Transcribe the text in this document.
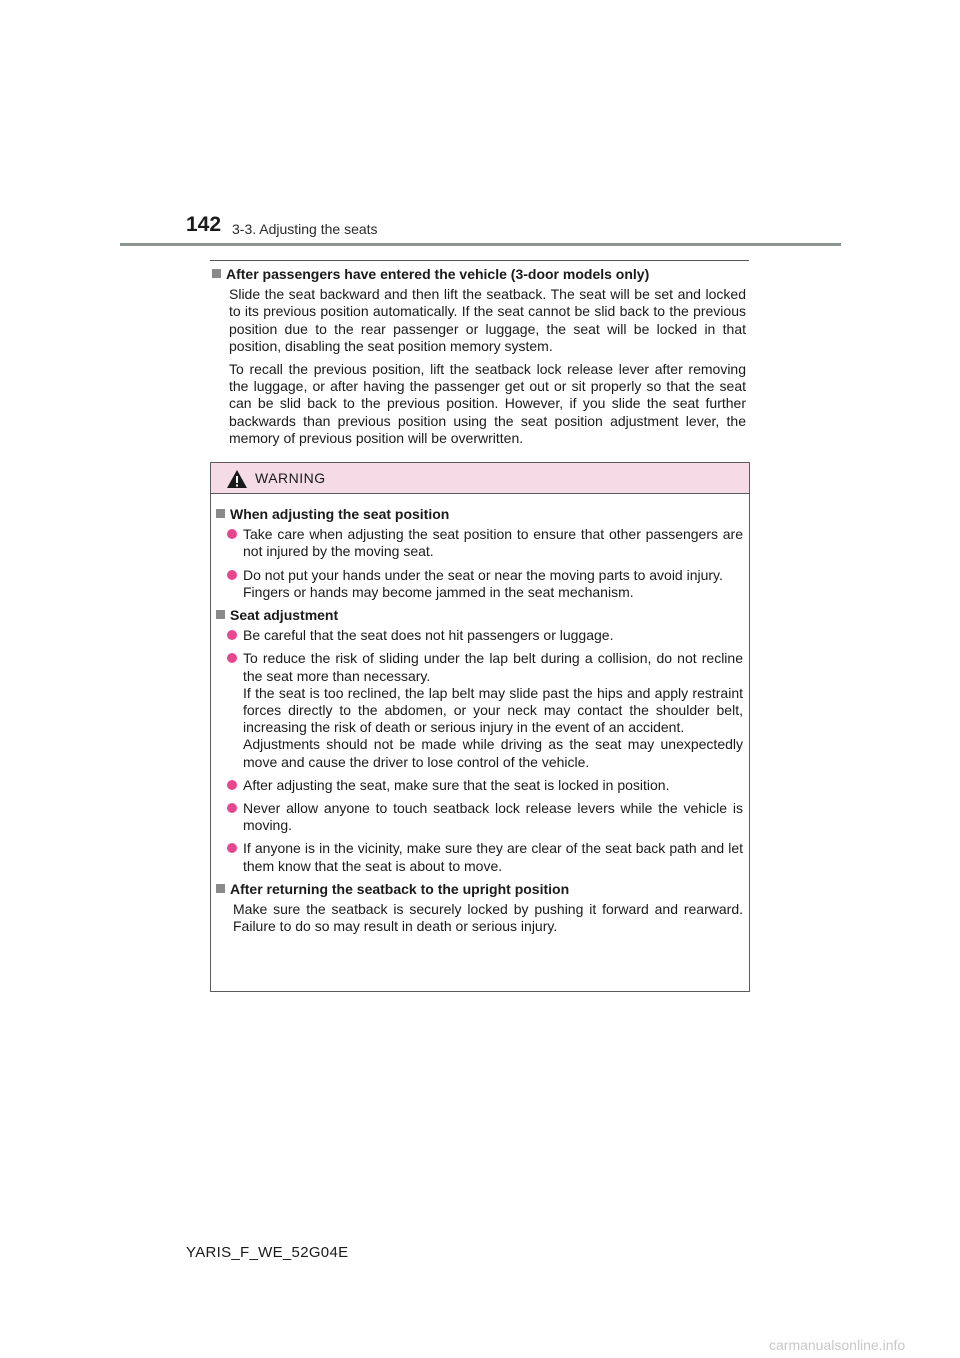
142 3-3. Adjusting the seats
After passengers have entered the vehicle (3-door models only)

Slide the seat backward and then lift the seatback. The seat will be set and locked to its previous position automatically. If the seat cannot be slid back to the previous position due to the rear passenger or luggage, the seat will be locked in that position, disabling the seat position memory system.

To recall the previous position, lift the seatback lock release lever after removing the luggage, or after having the passenger get out or sit properly so that the seat can be slid back to the previous position. However, if you slide the seat further backwards than previous position using the seat position adjustment lever, the memory of previous position will be overwritten.

WARNING
When adjusting the seat position
Take care when adjusting the seat position to ensure that other passengers are not injured by the moving seat.
Do not put your hands under the seat or near the moving parts to avoid injury.
Fingers or hands may become jammed in the seat mechanism.
Seat adjustment
Be careful that the seat does not hit passengers or luggage.
To reduce the risk of sliding under the lap belt during a collision, do not recline the seat more than necessary.
If the seat is too reclined, the lap belt may slide past the hips and apply restraint forces directly to the abdomen, or your neck may contact the shoulder belt, increasing the risk of death or serious injury in the event of an accident.
Adjustments should not be made while driving as the seat may unexpectedly move and cause the driver to lose control of the vehicle.
After adjusting the seat, make sure that the seat is locked in position.
Never allow anyone to touch seatback lock release levers while the vehicle is moving.
If anyone is in the vicinity, make sure they are clear of the seat back path and let them know that the seat is about to move.
After returning the seatback to the upright position

Make sure the seatback is securely locked by pushing it forward and rearward. Failure to do so may result in death or serious injury.

YARIS_F_WE_52G04E
carmanualsonline.info
